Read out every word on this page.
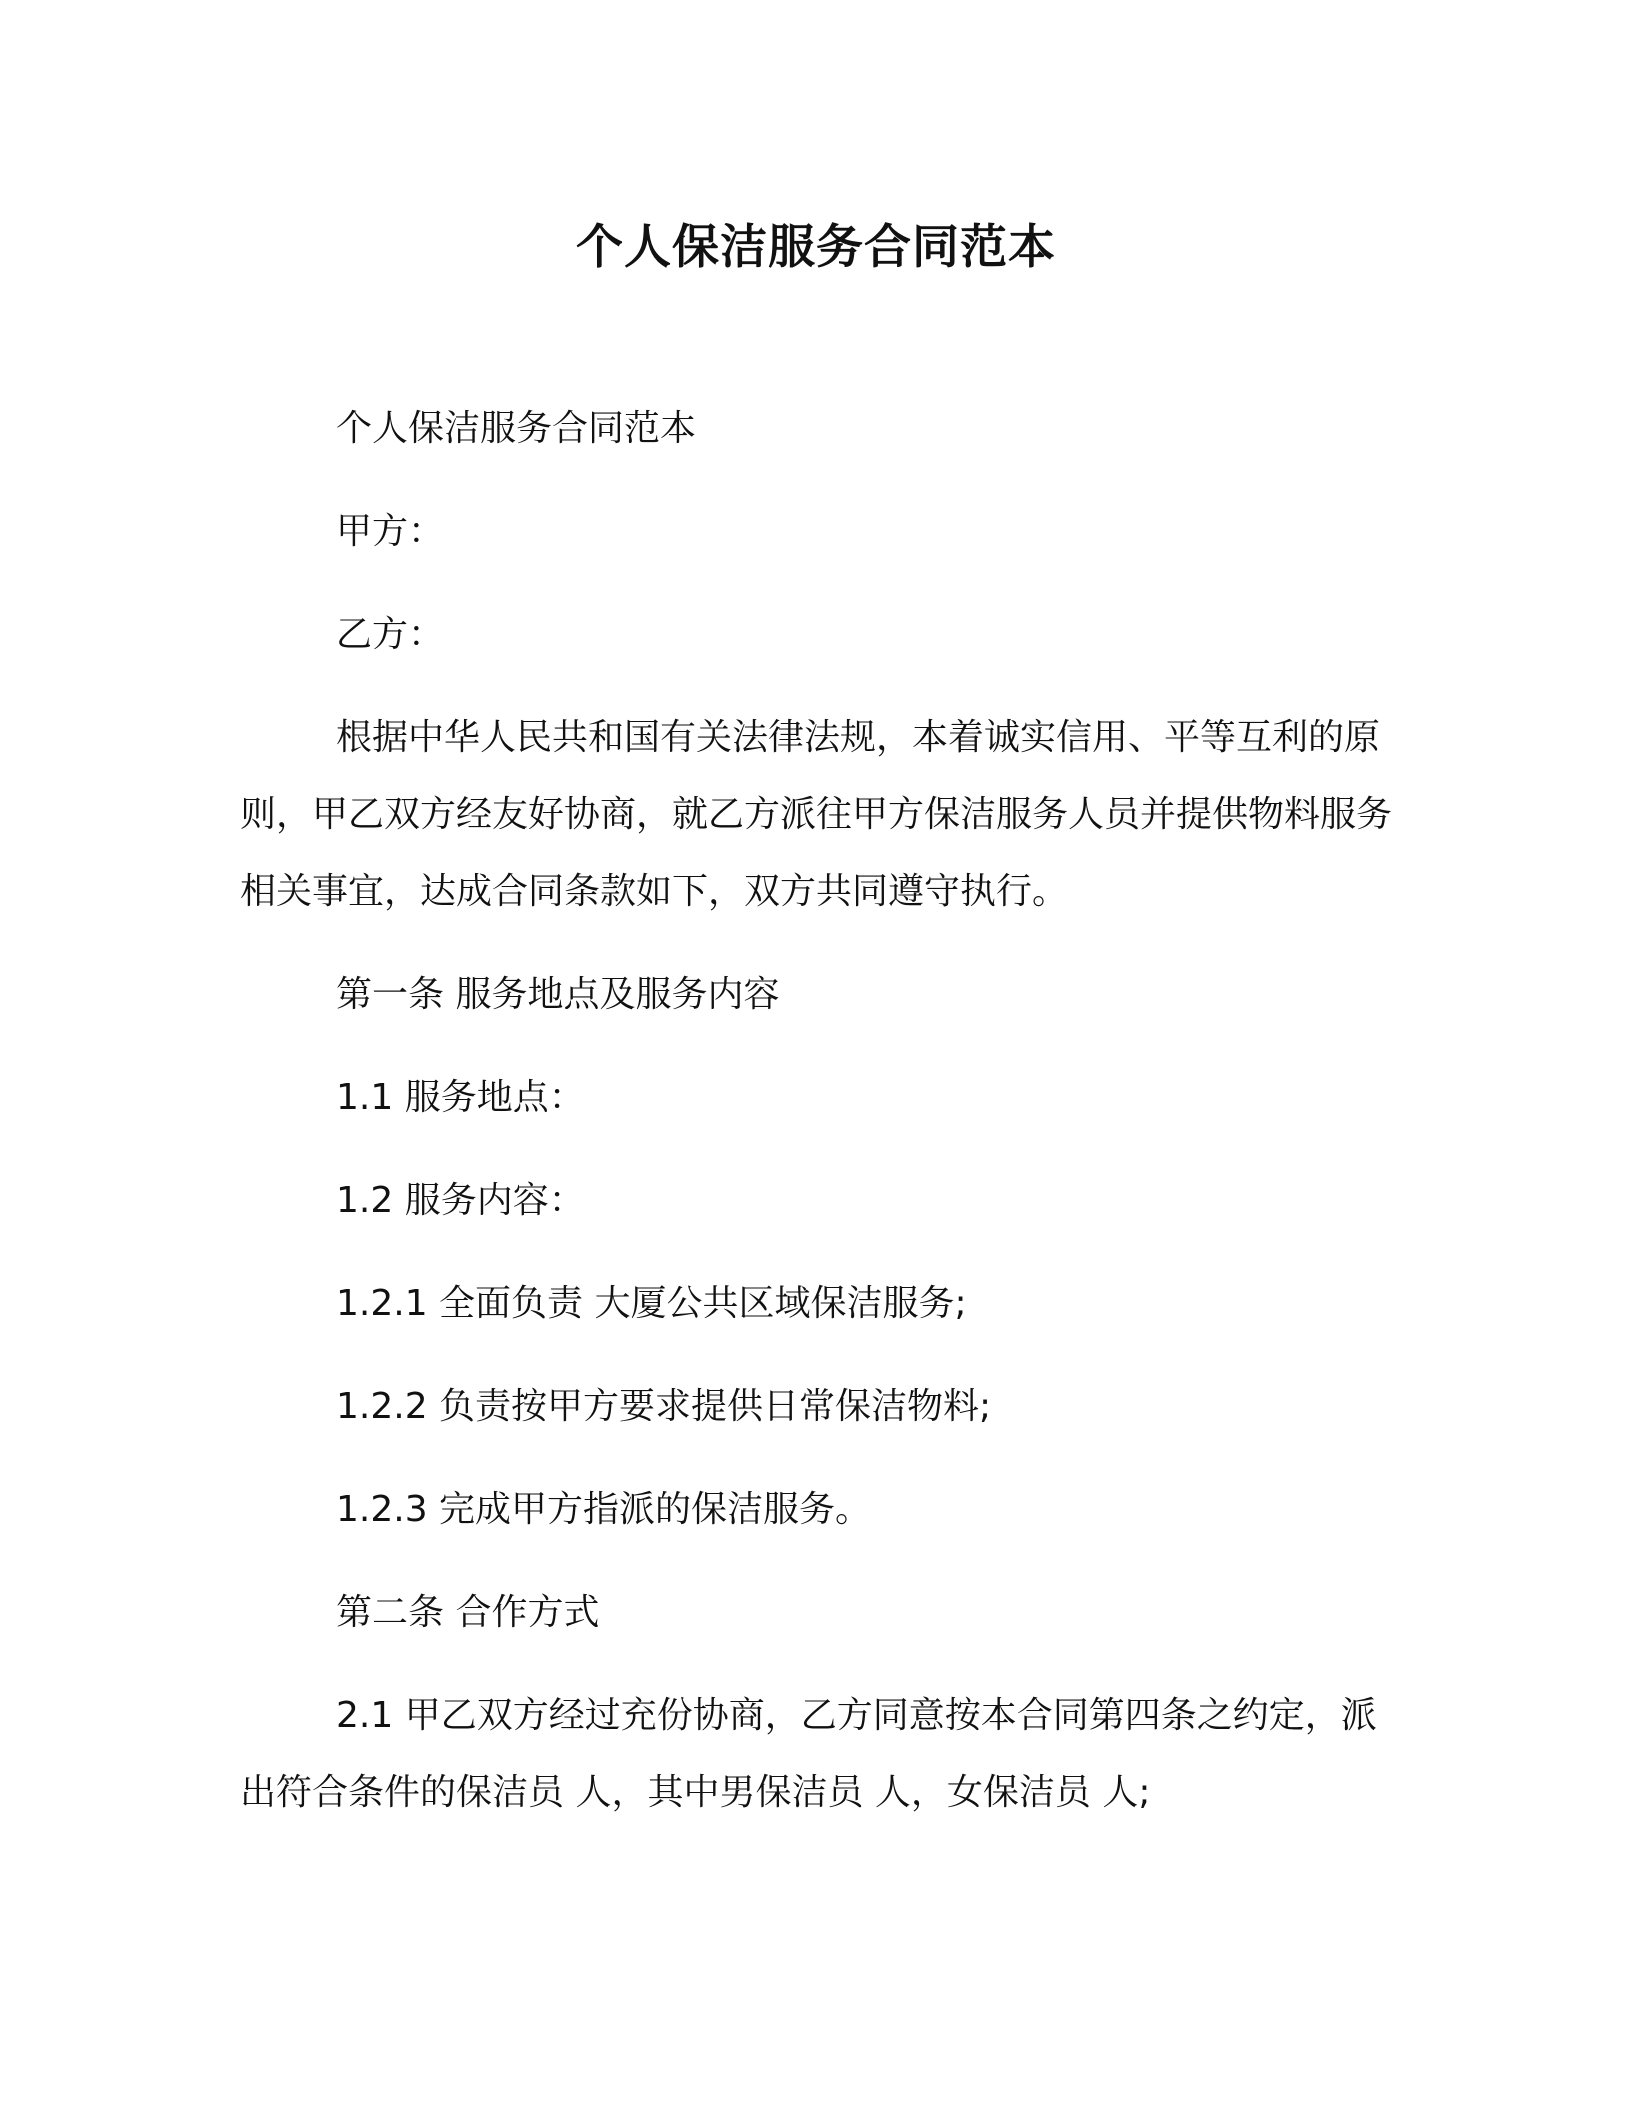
个人保洁服务合同范本

个人保洁服务合同范本

甲方：

乙方：

根据中华人民共和国有关法律法规，本着诚实信用、平等互利的原则，甲乙双方经友好协商，就乙方派往甲方保洁服务人员并提供物料服务相关事宜，达成合同条款如下，双方共同遵守执行。

第一条 服务地点及服务内容

1.1 服务地点：

1.2 服务内容：

1.2.1 全面负责 大厦公共区域保洁服务;

1.2.2 负责按甲方要求提供日常保洁物料;

1.2.3 完成甲方指派的保洁服务。

第二条 合作方式

2.1 甲乙双方经过充份协商，乙方同意按本合同第四条之约定，派出符合条件的保洁员 人，其中男保洁员 人，女保洁员 人;
